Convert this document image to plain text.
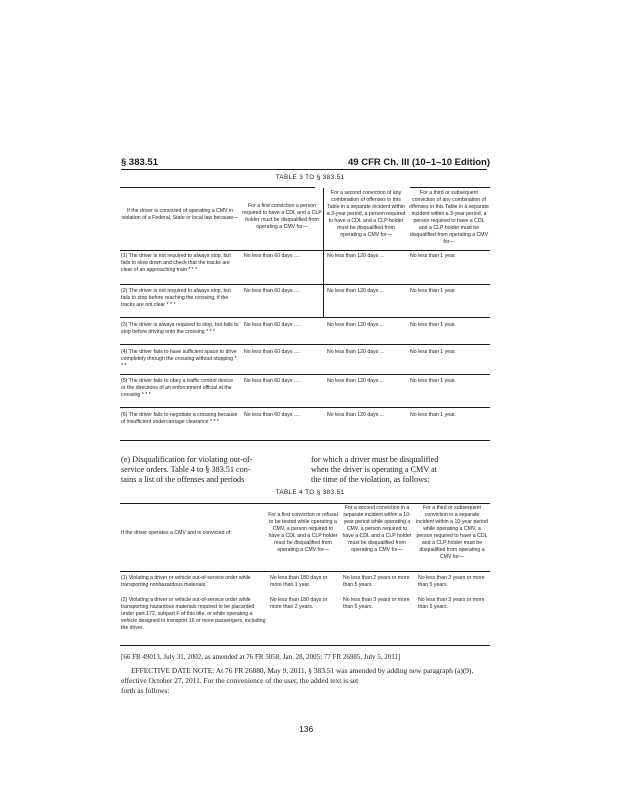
§ 383.51	49 CFR Ch. III (10–1–10 Edition)
TABLE 3 TO § 383.51
If the driver is convicted of operating a CMV in violation of a Federal, State or local law because—
For a first conviction a person required to have a CDL and a CLP holder must be disqualified from operating a CMV for—
For a second conviction of any combination of offenses in this Table in a separate incident within a 3-year period, a person required to have a CDL and a CLP holder must be disqualified from operating a CMV for—
For a third or subsequent conviction of any combination of offenses in this Table in a separate incident within a 3-year period, a person required to have a CDL and a CLP holder must be disqualified from operating a CMV for—
(1) The driver is not required to always stop, but fails to slow down and check that the tracks are clear of an approaching train * * *
No less than 60 days ....	No less than 120 days ...	No less than 1 year.
(2) The driver is not required to always stop, but fails to stop before reaching the crossing, if the tracks are not clear * * *
No less than 60 days ....	No less than 120 days ...	No less than 1 year.
(3) The driver is always required to stop, but fails to stop before driving onto the crossing * * *
No less than 60 days ....	No less than 120 days ...	No less than 1 year.
(4) The driver fails to have sufficient space to drive completely through the crossing without stopping * * *
No less than 60 days ....	No less than 120 days ...	No less than 1 year.
(5) The driver fails to obey a traffic control device or the directions of an enforcement official at the crossing * * *
No less than 60 days ....	No less than 120 days ...	No less than 1 year.
(6) The driver fails to negotiate a crossing because of insufficient undercarriage clearance * * *
No less than 60 days ....	No less than 120 days ...	No less than 1 year.
(e) Disqualification for violating out-of-
service orders. Table 4 to § 383.51 con-
tains a list of the offenses and periods
for which a driver must be disqualified
when the driver is operating a CMV at
the time of the violation, as follows:
TABLE 4 TO § 383.51
If the driver operates a CMV and is convicted of:
For a first conviction or refusal to be tested while operating a CMV, a person required to have a CDL and a CLP holder must be disqualified from operating a CMV for—
For a second conviction in a separate incident within a 10-year period while operating a CMV, a person required to have a CDL and a CLP holder must be disqualified from operating a CMV for—
For a third or subsequent conviction in a separate incident within a 10-year period while operating a CMV, a person required to have a CDL and a CLP holder must be disqualified from operating a CMV for—
(1) Violating a driver or vehicle out-of-service order while transporting nonhazardous materials.
No less than 180 days or more than 1 year.
No less than 2 years or more than 5 years.
No less than 3 years or more than 5 years.
(2) Violating a driver or vehicle out-of-service order while transporting hazardous materials required to be placarded under part 172, subpart F of this title, or while operating a vehicle designed to transport 16 or more passengers, including the driver.
No less than 180 days or more than 2 years.
No less than 3 years or more than 5 years.
No less than 3 years or more than 5 years.
[66 FR 49013, July 31, 2002, as amended at 76 FR 5058, Jan. 28, 2005; 77 FR 26985, July 5, 2011]
EFFECTIVE DATE NOTE: At 76 FR 26880, May 9, 2011, § 383.51 was amended by adding new paragraph (a)(9), effective October 27, 2011. For the convenience of the user, the added text is set
forth as follows:
136
